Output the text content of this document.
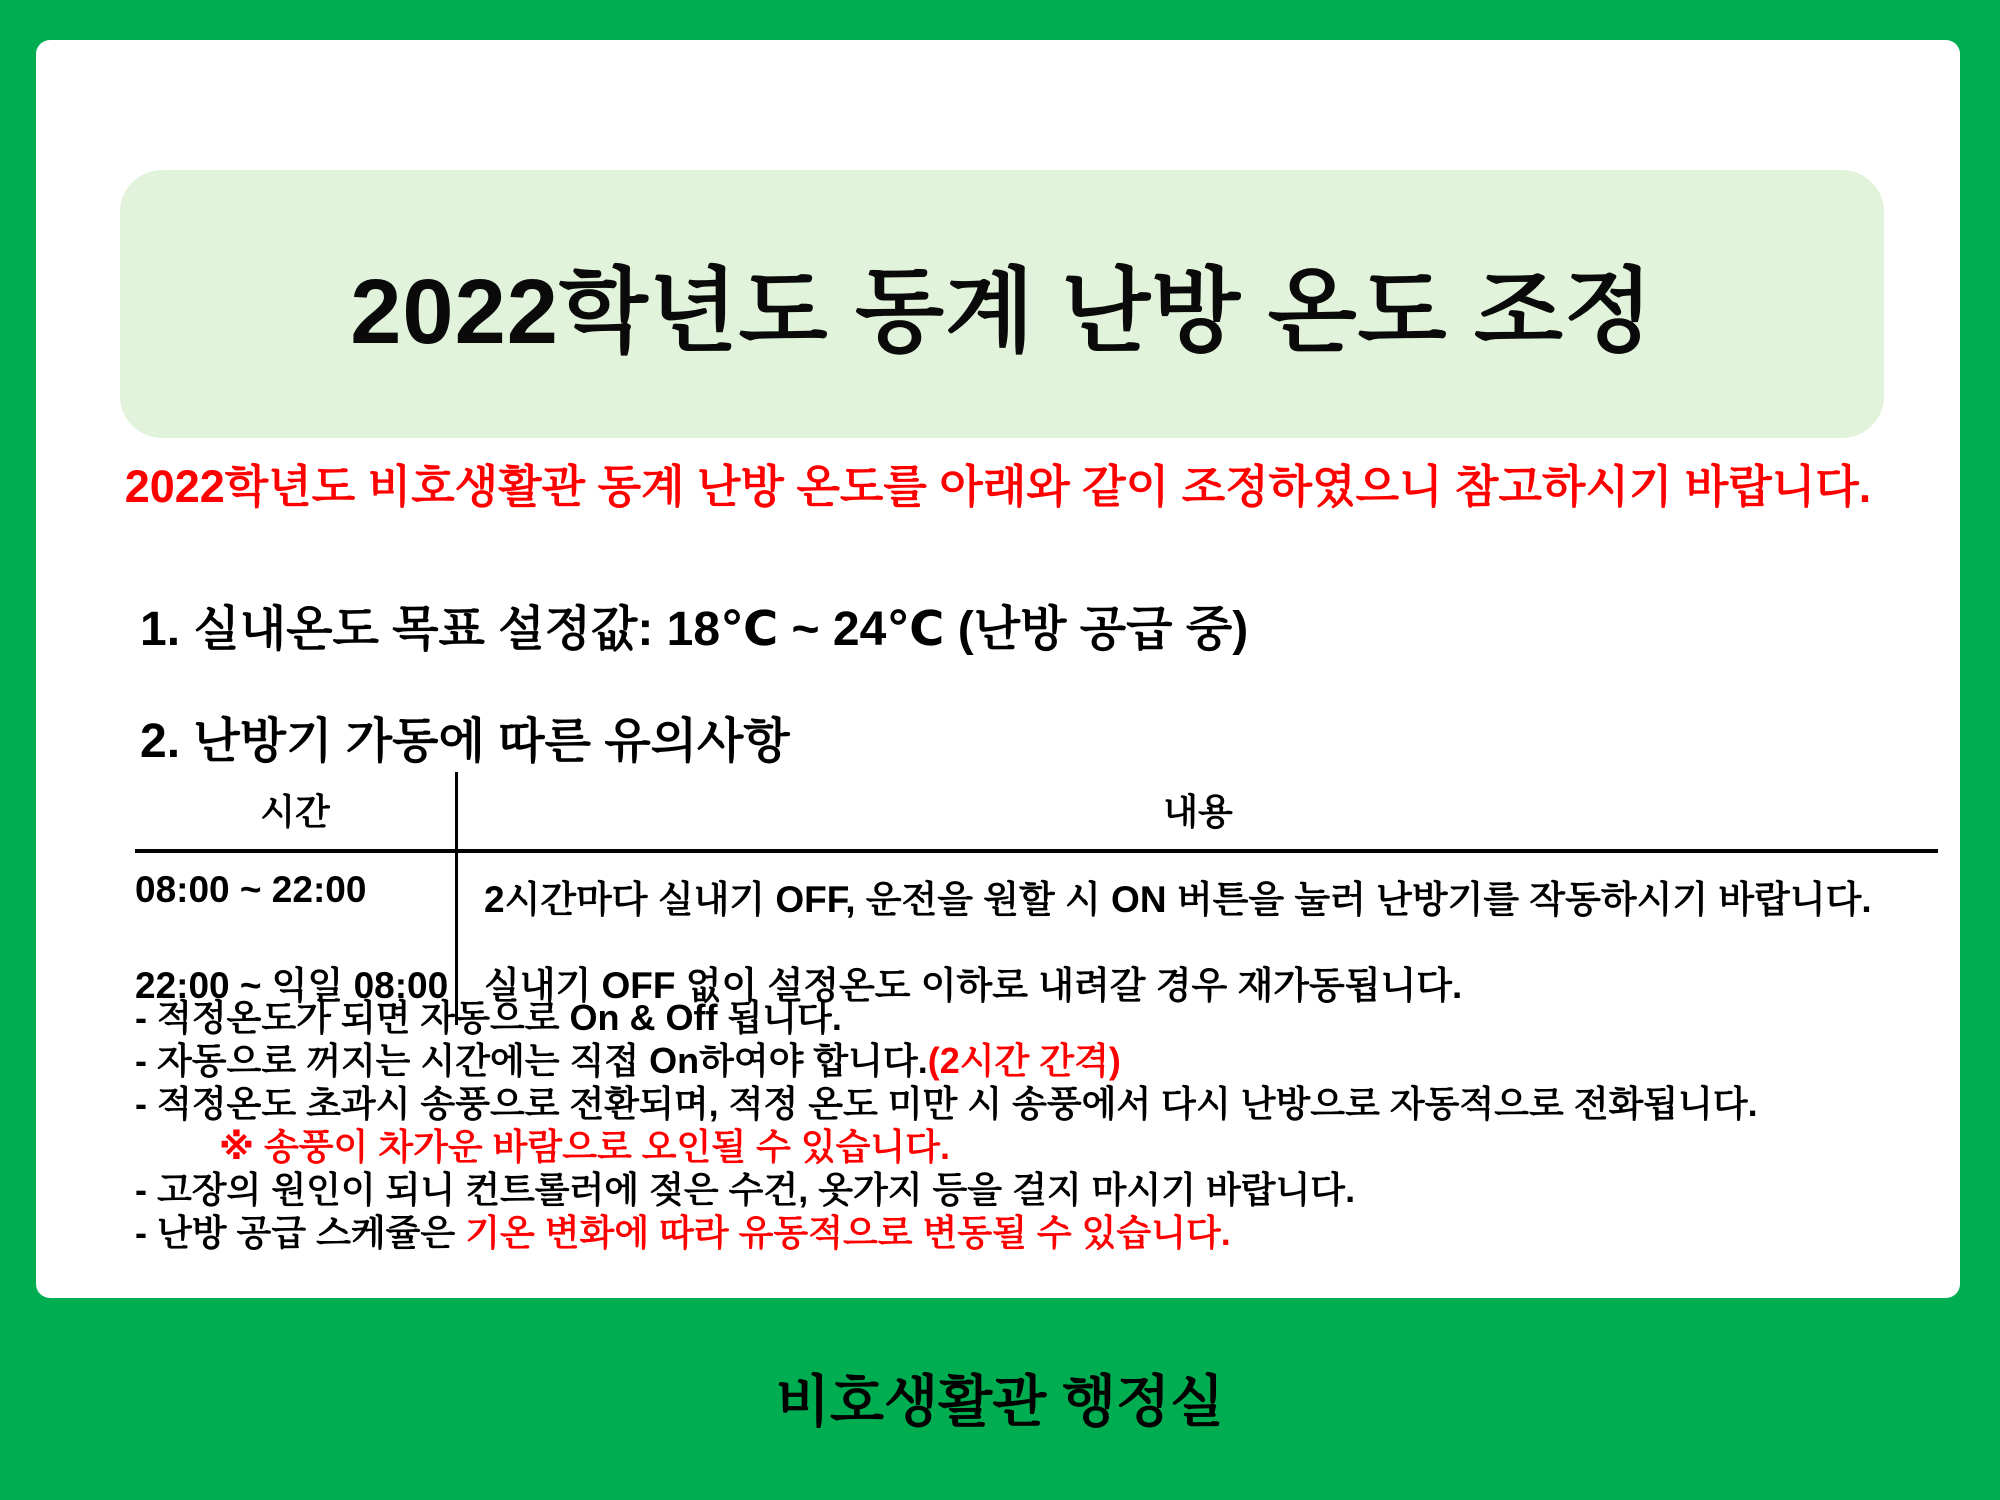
2022학년도 동계 난방 온도 조정
2022학년도 비호생활관 동계 난방 온도를 아래와 같이 조정하였으니 참고하시기 바랍니다.
1. 실내온도 목표 설정값: 18℃ ~ 24℃ (난방 공급 중)
2. 난방기 가동에 따른 유의사항
시간	내용
08:00 ~ 22:00	2시간마다 실내기 OFF, 운전을 원할 시 ON 버튼을 눌러 난방기를 작동하시기 바랍니다.
22:00 ~ 익일 08:00 실내기 OFF 없이 설정온도 이하로 내려갈 경우 재가동됩니다.
- 적정온도가 되면 자동으로 On & Off 됩니다.
- 자동으로 꺼지는 시간에는 직접 On하여야 합니다.(2시간 간격)
- 적정온도 초과시 송풍으로 전환되며, 적정 온도 미만 시 송풍에서 다시 난방으로 자동적으로 전화됩니다.
※ 송풍이 차가운 바람으로 오인될 수 있습니다.
- 고장의 원인이 되니 컨트롤러에 젖은 수건, 옷가지 등을 걸지 마시기 바랍니다.
- 난방 공급 스케쥴은 기온 변화에 따라 유동적으로 변동될 수 있습니다.
비호생활관 행정실
